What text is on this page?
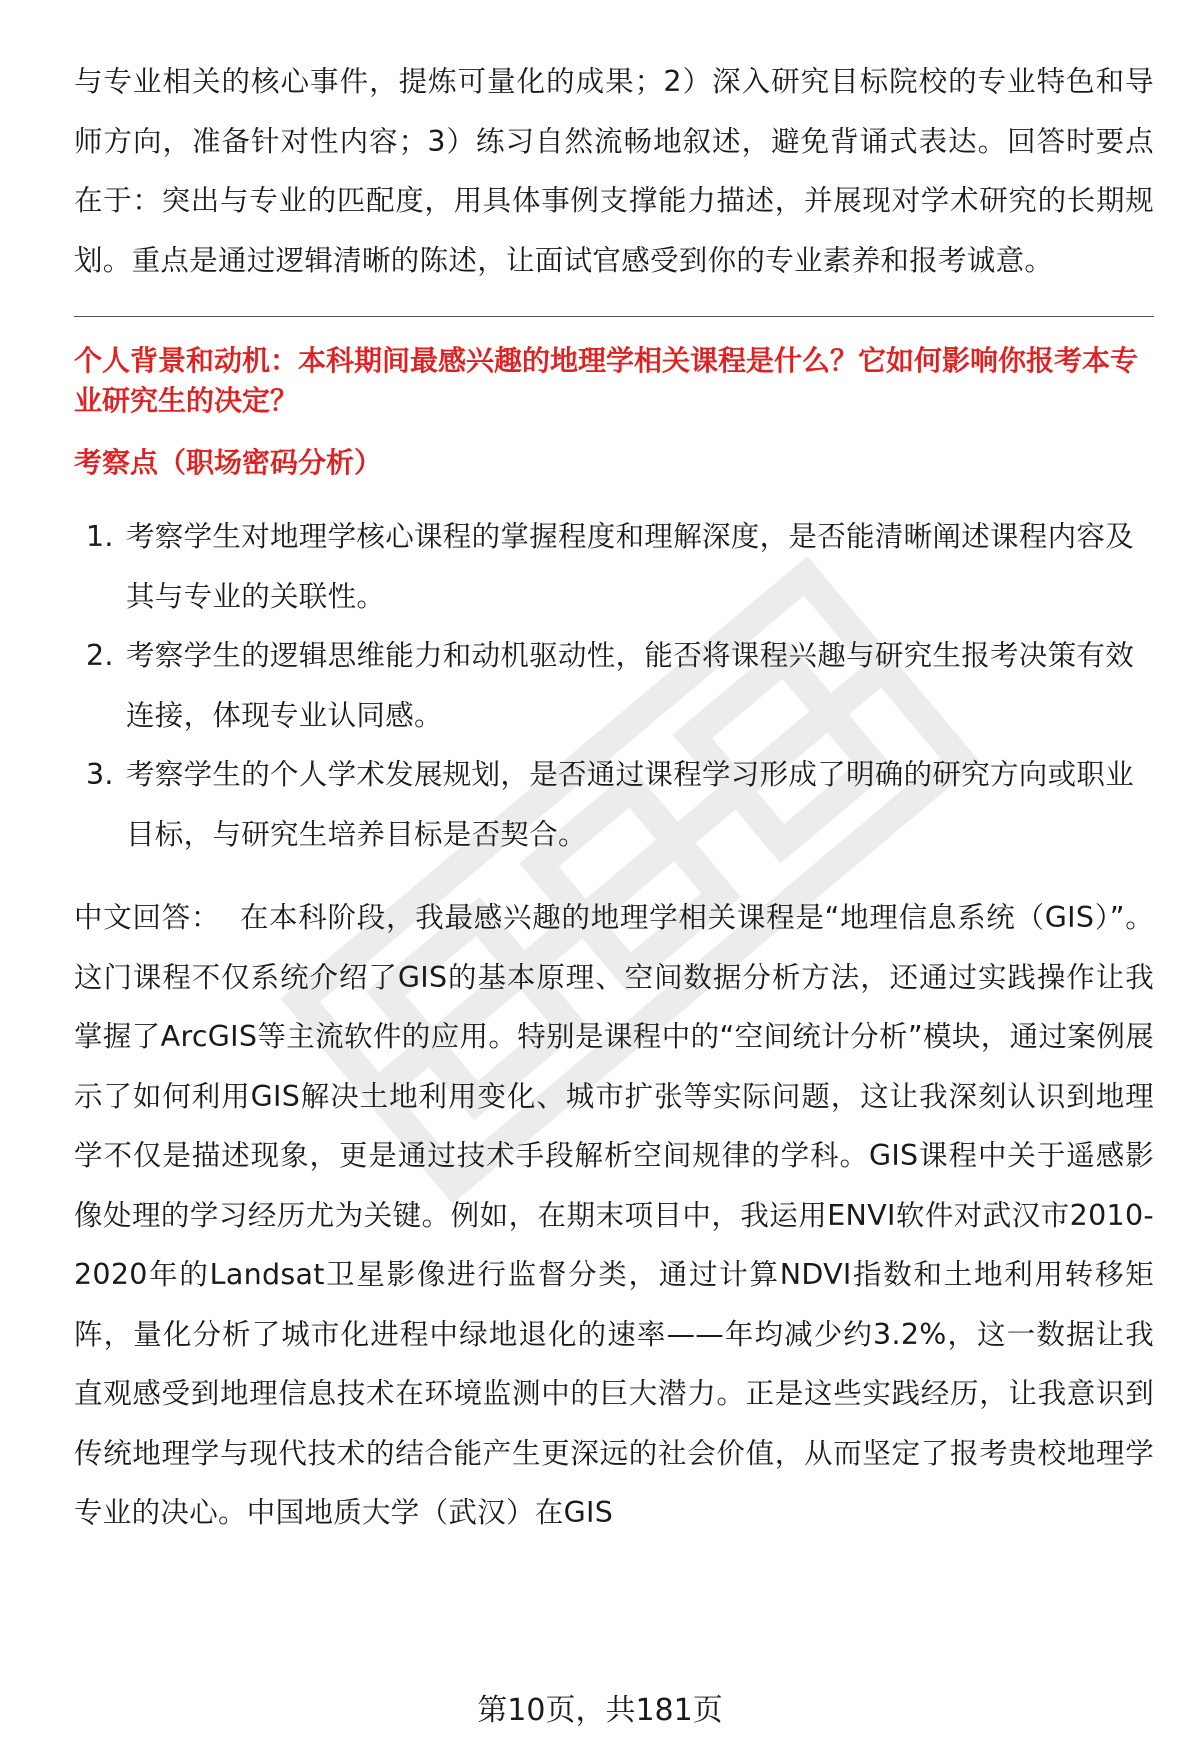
与专业相关的核心事件，提炼可量化的成果；2）深入研究目标院校的专业特色和导师方向，准备针对性内容；3）练习自然流畅地叙述，避免背诵式表达。回答时要点在于：突出与专业的匹配度，用具体事例支撑能力描述，并展现对学术研究的长期规划。重点是通过逻辑清晰的陈述，让面试官感受到你的专业素养和报考诚意。

个人背景和动机：本科期间最感兴趣的地理学相关课程是什么？它如何影响你报考本专业研究生的决定？

考察点（职场密码分析）

1. 考察学生对地理学核心课程的掌握程度和理解深度，是否能清晰阐述课程内容及其与专业的关联性。
2. 考察学生的逻辑思维能力和动机驱动性，能否将课程兴趣与研究生报考决策有效连接，体现专业认同感。
3. 考察学生的个人学术发展规划，是否通过课程学习形成了明确的研究方向或职业目标，与研究生培养目标是否契合。

中文回答： 在本科阶段，我最感兴趣的地理学相关课程是“地理信息系统（GIS）”。这门课程不仅系统介绍了GIS的基本原理、空间数据分析方法，还通过实践操作让我掌握了ArcGIS等主流软件的应用。特别是课程中的“空间统计分析”模块，通过案例展示了如何利用GIS解决土地利用变化、城市扩张等实际问题，这让我深刻认识到地理学不仅是描述现象，更是通过技术手段解析空间规律的学科。GIS课程中关于遥感影像处理的学习经历尤为关键。例如，在期末项目中，我运用ENVI软件对武汉市2010-2020年的Landsat卫星影像进行监督分类，通过计算NDVI指数和土地利用转移矩阵，量化分析了城市化进程中绿地退化的速率——年均减少约3.2%，这一数据让我直观感受到地理信息技术在环境监测中的巨大潜力。正是这些实践经历，让我意识到传统地理学与现代技术的结合能产生更深远的社会价值，从而坚定了报考贵校地理学专业的决心。中国地质大学（武汉）在GIS

第10页，共181页
